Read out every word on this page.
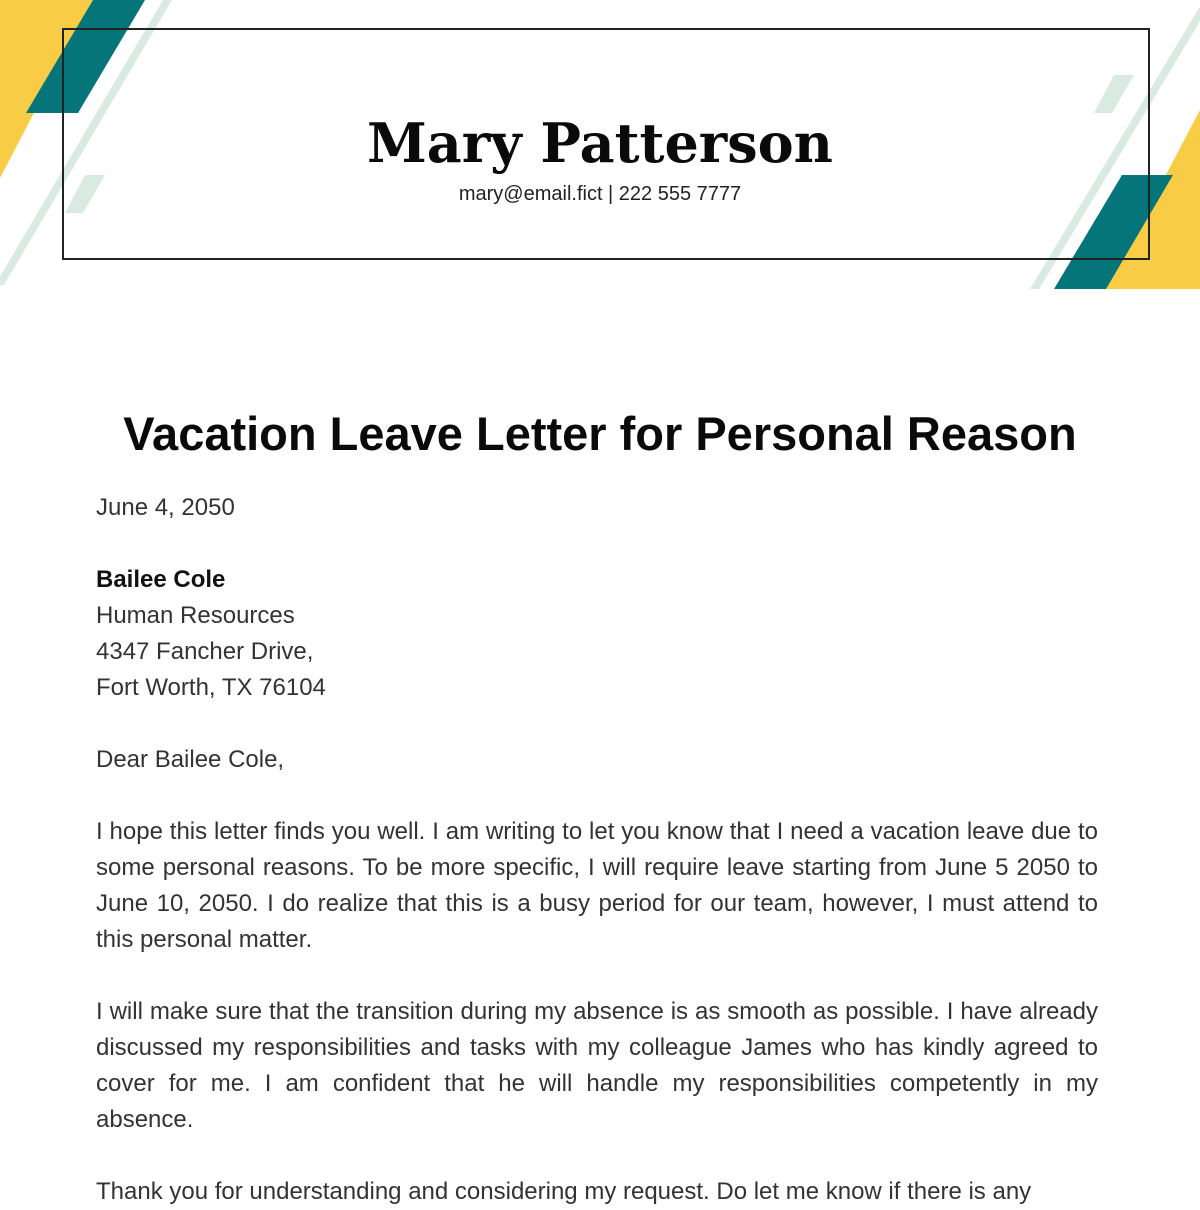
Mary Patterson
mary@email.fict | 222 555 7777
Vacation Leave Letter for Personal Reason
June 4, 2050
Bailee Cole
Human Resources
4347 Fancher Drive,
Fort Worth, TX 76104
Dear Bailee Cole,

I hope this letter finds you well. I am writing to let you know that I need a vacation leave due to some personal reasons. To be more specific, I will require leave starting from June 5 2050 to June 10, 2050. I do realize that this is a busy period for our team, however, I must attend to this personal matter.

I will make sure that the transition during my absence is as smooth as possible. I have already discussed my responsibilities and tasks with my colleague James who has kindly agreed to cover for me. I am confident that he will handle my responsibilities competently in my absence.

Thank you for understanding and considering my request. Do let me know if there is any
